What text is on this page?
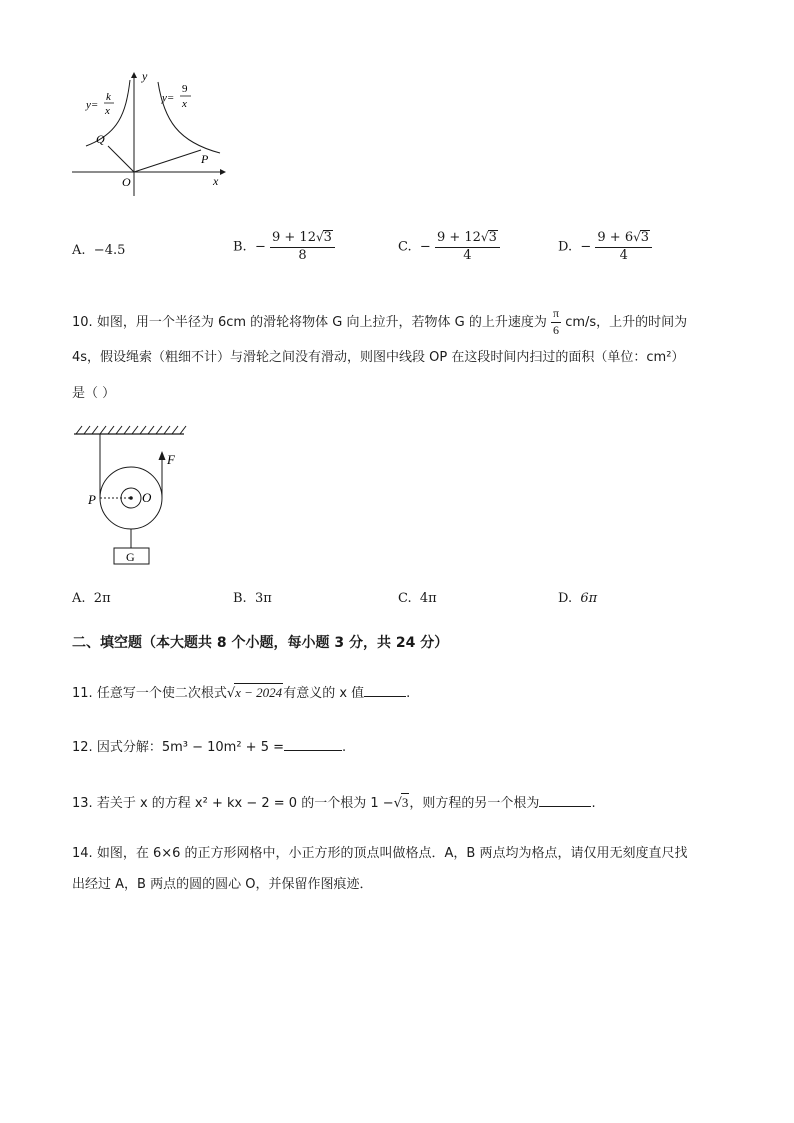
y
x
O
Q
P
y=
k
x
y=
9
x
A. −4.5	B. − $\frac{9 + 12√3}{8}$	C. − $\frac{9 + 12√3}{4}$	D. − $\frac{9 + 6√3}{4}$
10. 如图，用一个半径为 6cm 的滑轮将物体 G 向上拉升，若物体 G 的上升速度为 $\frac{\pi}{6} cm/s$，上升的时间为
4s，假设绳索（粗细不计）与滑轮之间没有滑动，则图中线段 OP 在这段时间内扫过的面积（单位：cm²）
是（ ）
F
P	O
G
A. 2π	B. 3π	C. 4π	D. 6π
二、填空题（本大题共 8 个小题，每小题 3 分，共 24 分）
11. 任意写一个使二次根式√x − 2024有意义的 x 值	.
12. 因式分解：5m³ − 10m² + 5 =	.
13. 若关于 x 的方程 x² + kx − 2 = 0 的一个根为 1 −√3，则方程的另一个根为	.
14. 如图，在 6×6 的正方形网格中，小正方形的顶点叫做格点．A，B 两点均为格点，请仅用无刻度直尺找
出经过 A，B 两点的圆的圆心 O，并保留作图痕迹．
